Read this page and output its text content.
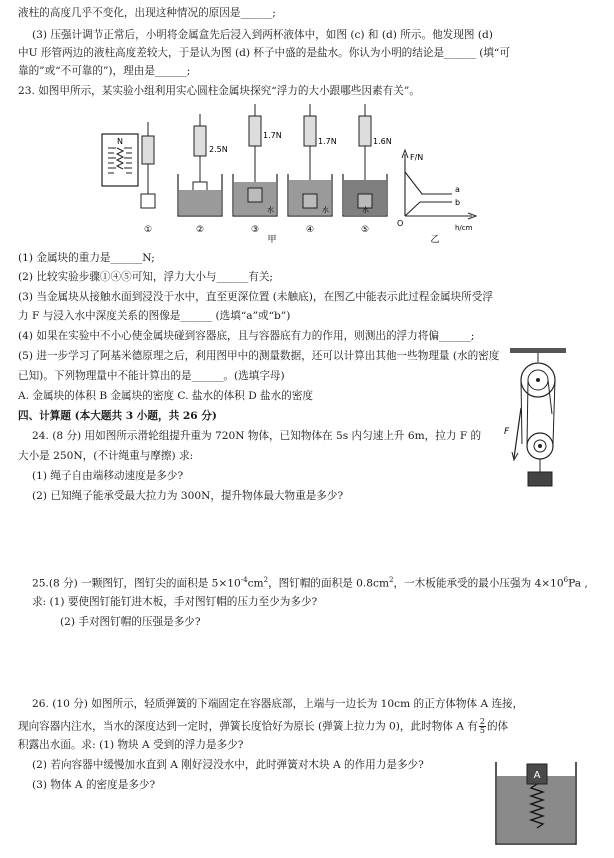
液柱的高度几乎不变化，出现这种情况的原因是______;
(3) 压强计调节正常后，小明将金属盒先后浸入到两杯液体中，如图 (c) 和 (d) 所示。他发现图 (d)
中U 形管两边的液柱高度差较大，于是认为图 (d) 杯子中盛的是盐水。你认为小明的结论是______ (填“可
靠的”或“不可靠的”)，理由是______;
23. 如图甲所示，某实验小组利用实心圆柱金属块探究“浮力的大小跟哪些因素有关”。
N
①
2.5N
②
1.7N
水
③
1.7N
水
④
1.6N
水
⑤
甲
F/N
h/cm
O
a
b
乙
(1) 金属块的重力是______N;
(2) 比较实验步骤①④⑤可知，浮力大小与______有关;
(3) 当金属块从接触水面到浸没于水中，直至更深位置 (未触底)，在图乙中能表示此过程金属块所受浮
力 F 与浸入水中深度关系的图像是______ (选填“a”或“b”)
(4) 如果在实验中不小心使金属块碰到容器底，且与容器底有力的作用，则测出的浮力将偏______;
(5) 进一步学习了阿基米德原理之后，利用图甲中的测量数据，还可以计算出其他一些物理量 (水的密度
已知)。下列物理量中不能计算出的是______。(选填字母)
A. 金属块的体积 B 金属块的密度 C. 盐水的体积 D 盐水的密度
四、计算题 (本大题共 3 小题，共 26 分)
24. (8 分) 用如图所示滑轮组提升重为 720N 物体，已知物体在 5s 内匀速上升 6m，拉力 F 的
大小是 250N，(不计绳重与摩擦) 求:
(1) 绳子自由端移动速度是多少?
(2) 已知绳子能承受最大拉力为 300N，提升物体最大物重是多少?
F
25.(8 分) 一颗图钉，图钉尖的面积是 $5\times 10^{-4}cm^2$，图钉帽的面积是 $0.8cm^2$，一木板能承受的最小压强为 $4\times 10^6Pa$ ,
求: (1) 要使图钉能钉进木板，手对图钉帽的压力至少为多少?
(2) 手对图钉帽的压强是多少?
26. (10 分) 如图所示，轻质弹簧的下端固定在容器底部，上端与一边长为 10cm 的正方体物体 A 连接，
现向容器内注水，当水的深度达到一定时，弹簧长度恰好为原长 (弹簧上拉力为 0)，此时物体 A 有 $\frac{2}{5}$ 的体
积露出水面。求: (1) 物块 A 受到的浮力是多少?
(2) 若向容器中缓慢加水直到 A 刚好浸没水中，此时弹簧对木块 A 的作用力是多少?
(3) 物体 A 的密度是多少?
A
